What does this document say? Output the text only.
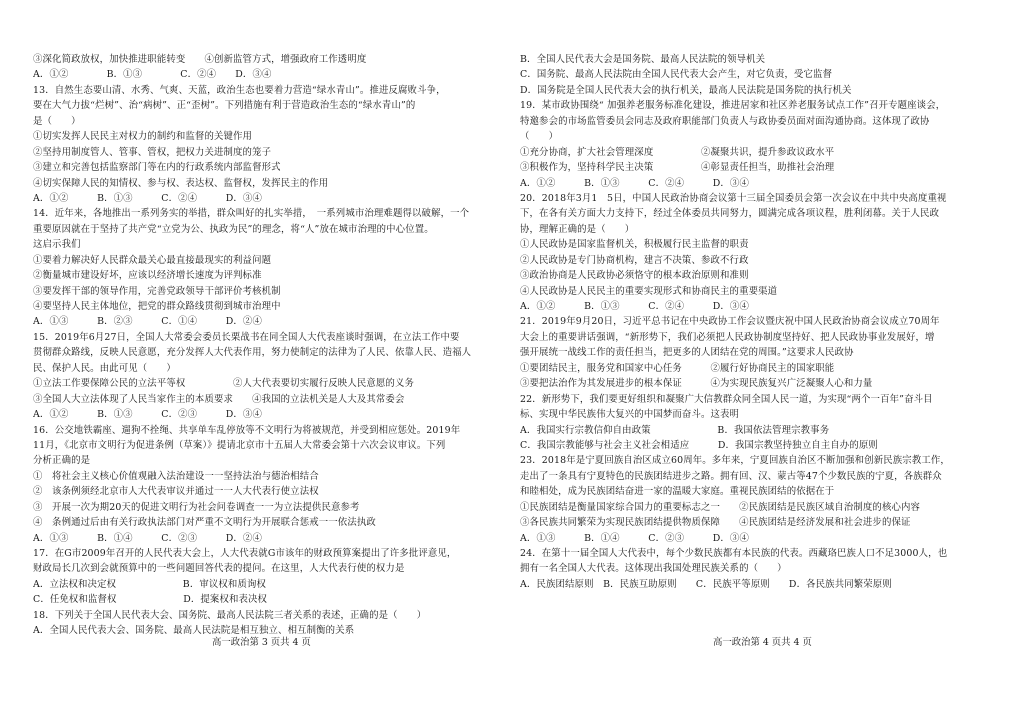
③深化简政放权，加快推进职能转变　　④创新监管方式，增强政府工作透明度
A．①②　　　　B．①③　　　　C．②④　　D．③④
13．自然生态要山清、水秀、气爽、天蓝，政治生态也要着力营造“绿水青山”。推进反腐败斗争，
要在大气力拔“烂树”、治“病树”、正“歪树”。下列措施有利于营造政治生态的“绿水青山”的
是（　　）
①切实发挥人民民主对权力的制约和监督的关键作用
②坚持用制度管人、管事、管权，把权力关进制度的笼子
③建立和完善包括监察部门等在内的行政系统内部监督形式
④切实保障人民的知情权、参与权、表达权、监督权，发挥民主的作用
A．①②　　　B．①③　　　C．②④　　　D．③④
14．近年来，各地推出一系列务实的举措，群众叫好的扎实举措，　一系列城市治理难题得以破解，一个
重要原因就在于坚持了共产党“立党为公、执政为民”的理念，将“人”放在城市治理的中心位置。
这启示我们
①要着力解决好人民群众最关心最直接最现实的利益问题
②衡量城市建设好坏，应该以经济增长速度为评判标准
③要发挥干部的领导作用，完善党政领导干部评价考核机制
④要坚持人民主体地位，把党的群众路线贯彻到城市治理中
A．①③　　　B．②③　　　C．①④　　　D．②④
15．2019年6月27日，全国人大常委会委员长栗战书在同全国人大代表座谈时强调，在立法工作中要
贯彻群众路线，反映人民意愿，充分发挥人大代表作用，努力使制定的法律为了人民、依靠人民、造福人
民、保护人民。由此可见（　　）
①立法工作要保障公民的立法平等权　　　　　②人大代表要切实履行反映人民意愿的义务
③全国人大立法体现了人民当家作主的本质要求　　④我国的立法机关是人大及其常委会
A．①②　　　B．①③　　　C．②③　　　D．③④
16．公交地铁霸座、遛狗不拴绳、共享单车乱停放等不文明行为将被规范，并受到相应惩处。2019年
11月，《北京市文明行为促进条例（草案）》提请北京市十五届人大常委会第十六次会议审议。下列
分析正确的是
①　将社会主义核心价值观融入法治建设一一坚持法治与德治相结合
②　该条例须经北京市人大代表审议并通过一一人大代表行使立法权
③　开展一次为期20天的促进文明行为社会问卷调查一一为立法提供民意参考
④　条例通过后由有关行政执法部门对严重不文明行为开展联合惩戒一一依法执政
A．①③　　　B．①④　　　C．②③　　　D．②④
17．在G市2009年召开的人民代表大会上，人大代表就G市该年的财政预算案提出了许多批评意见，
财政局长几次到会就预算中的一些问题回答代表的提问。在这里，人大代表行使的权力是
A．立法权和决定权　　　　　　　B．审议权和质询权
C．任免权和监督权　　　　　　　D．提案权和表决权
18．下列关于全国人民代表大会、国务院、最高人民法院三者关系的表述，正确的是（　　）
A．全国人民代表大会、国务院、最高人民法院是相互独立、相互制衡的关系
B．全国人民代表大会是国务院、最高人民法院的领导机关
C．国务院、最高人民法院由全国人民代表大会产生，对它负责，受它监督
D．国务院是全国人民代表大会的执行机关，最高人民法院是国务院的执行机关
19．某市政协围绕“ 加强养老服务标准化建设，推进居家和社区养老服务试点工作”召开专题座谈会，
特邀参会的市场监管委员会同志及政府职能部门负责人与政协委员面对面沟通协商。这体现了政协
（　　）
①充分协商，扩大社会管理深度　　　　　②凝聚共识，提升参政议政水平
③积极作为，坚持科学民主决策　　　　　④彰显责任担当，助推社会治理
A．①②　　　B．①③　　　C．②④　　　D．③④
20．2018年3月1　5日，中国人民政治协商会议第十三届全国委员会第一次会议在中共中央高度重视
下，在各有关方面大力支持下，经过全体委员共同努力，圆满完成各项议程，胜利闭幕。关于人民政
协，理解正确的是（　　）
①人民政协是国家监督机关，积极履行民主监督的职责
②人民政协是专门协商机构，建言不决策、参政不行政
③政治协商是人民政协必须恪守的根本政治原则和准则
④人民政协是人民民主的重要实现形式和协商民主的重要渠道
A．①②　　　B．①③　　　C．②④　　　D．③④
21．2019年9月20日，习近平总书记在中央政协工作会议暨庆祝中国人民政治协商会议成立70周年
大会上的重要讲话强调，“新形势下，我们必须把人民政协制度坚持好、把人民政协事业发展好，增
强开展统一战线工作的责任担当，把更多的人团结在党的周围。”这要求人民政协
①要团结民主，服务党和国家中心任务　　　②履行好协商民主的国家职能
③要把法治作为其发展进步的根本保证　　　④为实现民族复兴广泛凝聚人心和力量
22．新形势下，我们要更好组织和凝聚广大信教群众同全国人民一道，为实现“两个一百年”奋斗目
标、实现中华民族伟大复兴的中国梦而奋斗。这表明
A．我国实行宗教信仰自由政策　　　　　　　B．我国依法管理宗教事务
C．我国宗教能够与社会主义社会相适应　　　D．我国宗教坚持独立自主自办的原则
23．2018年是宁夏回族自治区成立60周年。多年来，宁夏回族自治区不断加强和创新民族宗教工作，
走出了一条具有宁夏特色的民族团结进步之路。拥有回、汉、蒙古等47个少数民族的宁夏，各族群众
和睦相处，成为民族团结奋进一家的温暖大家庭。重视民族团结的依据在于
①民族团结是衡量国家综合国力的重要标志之一　　②民族团结是民族区域自治制度的核心内容
③各民族共同繁荣为实现民族团结提供物质保障　　④民族团结是经济发展和社会进步的保证
A．①③　　　B．①④　　　C．②③　　　D．③④
24．在第十一届全国人大代表中，每个少数民族都有本民族的代表。西藏珞巴族人口不足3000人，也
拥有一名全国人大代表。这体现出我国处理民族关系的（　　）
A．民族团结原则　B．民族互助原则　　C．民族平等原则　　D．各民族共同繁荣原则
高一政治第 3 页共 4 页	高一政治第 4 页共 4 页
